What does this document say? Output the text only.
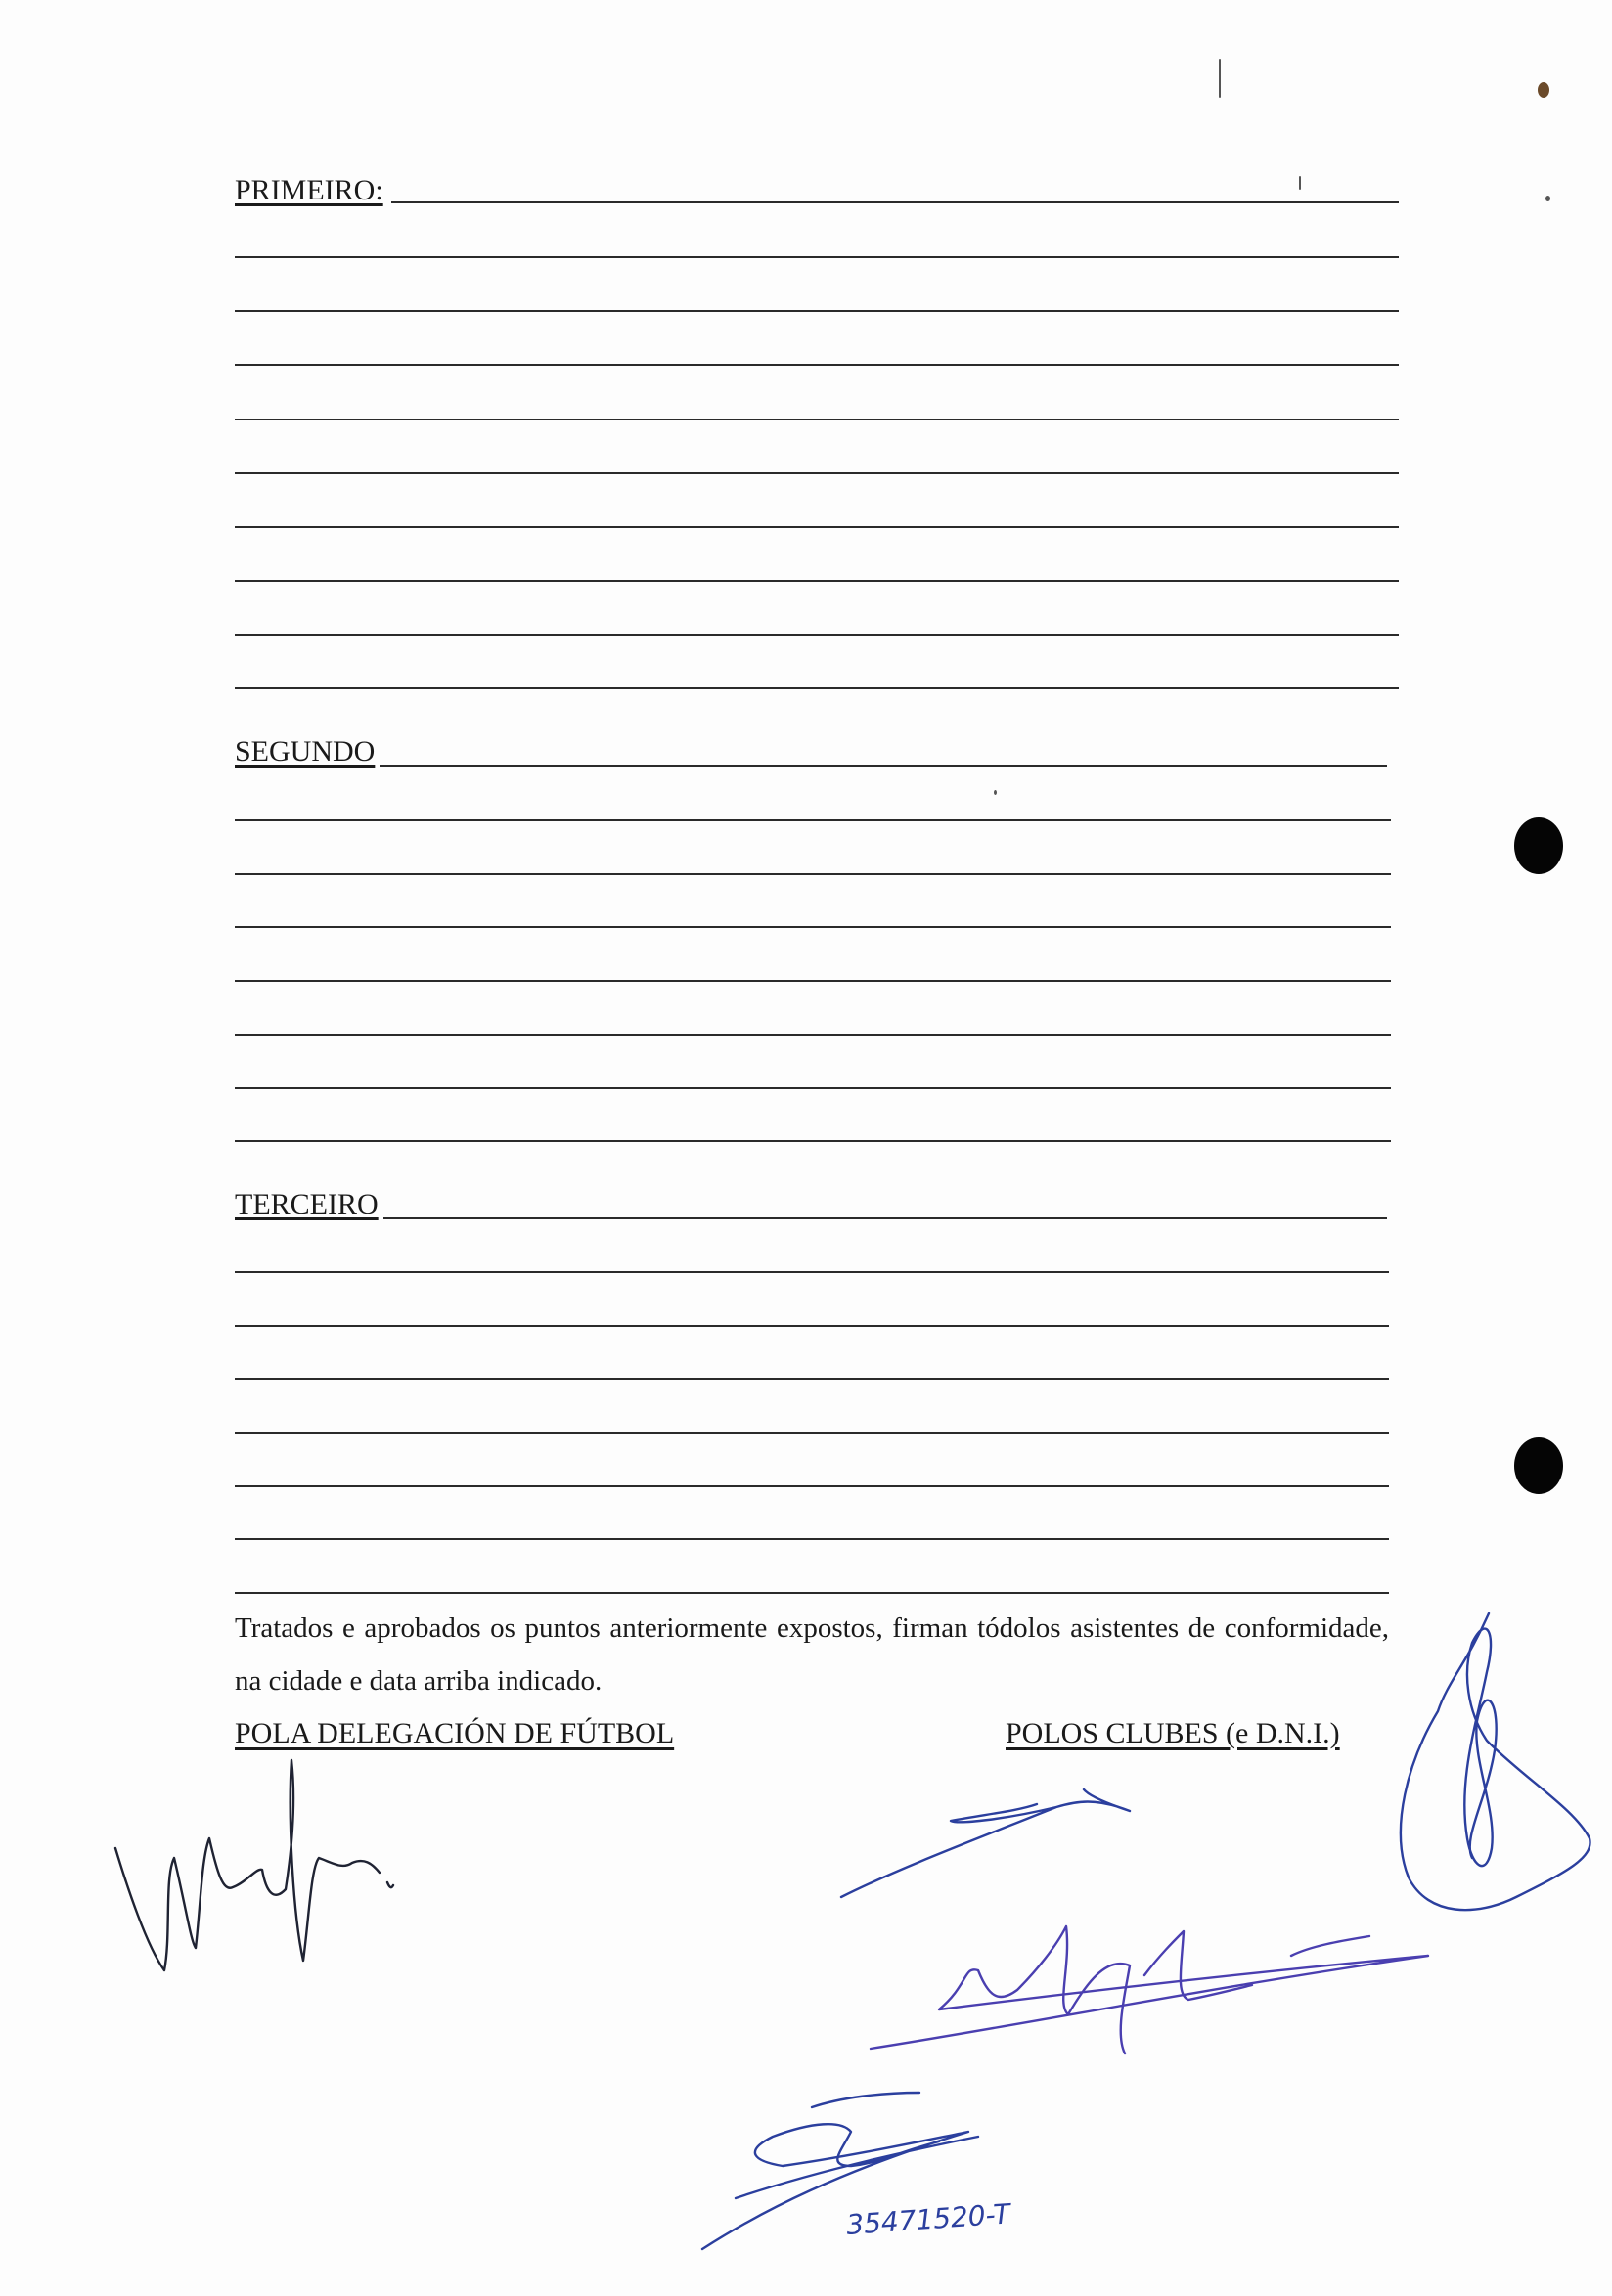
PRIMEIRO:
SEGUNDO
TERCEIRO
Tratados e aprobados os puntos anteriormente expostos, firman tódolos asistentes de conformidade, na cidade e data arriba indicado.
POLA DELEGACIÓN DE FÚTBOL	POLOS CLUBES (e D.N.I.)
35471520-T
